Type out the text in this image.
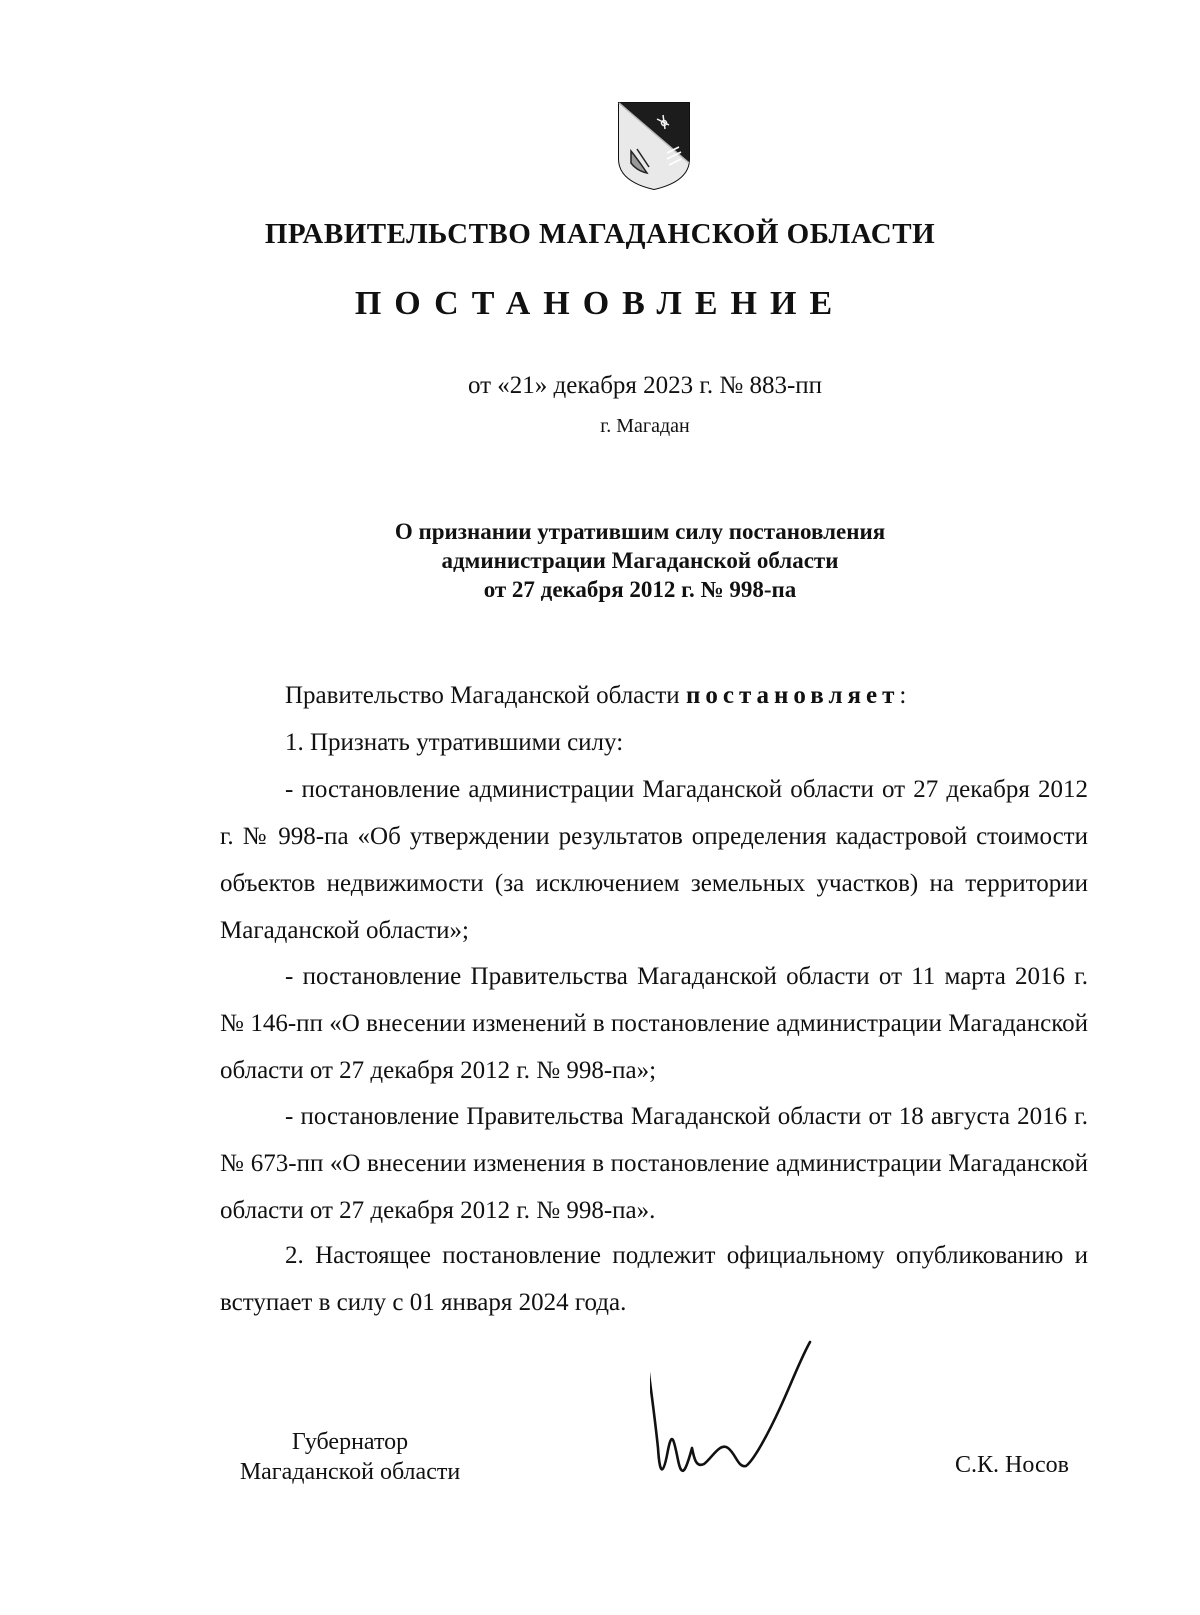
ПРАВИТЕЛЬСТВО МАГАДАНСКОЙ ОБЛАСТИ
ПОСТАНОВЛЕНИЕ
от «21» декабря 2023 г. № 883-пп
г. Магадан
О признании утратившим силу постановления
администрации Магаданской области
от 27 декабря 2012 г. № 998-па

Правительство Магаданской области постановляет:

1. Признать утратившими силу:

- постановление администрации Магаданской области от 27 декабря 2012 г. № 998-па «Об утверждении результатов определения кадастровой стоимости объектов недвижимости (за исключением земельных участков) на территории Магаданской области»;

- постановление Правительства Магаданской области от 11 марта 2016 г. № 146-пп «О внесении изменений в постановление администрации Магаданской области от 27 декабря 2012 г. № 998-па»;

- постановление Правительства Магаданской области от 18 августа 2016 г. № 673-пп «О внесении изменения в постановление администрации Магаданской области от 27 декабря 2012 г. № 998-па».

2. Настоящее постановление подлежит официальному опубликованию и вступает в силу с 01 января 2024 года.

Губернатор
Магаданской области	С.К. Носов
